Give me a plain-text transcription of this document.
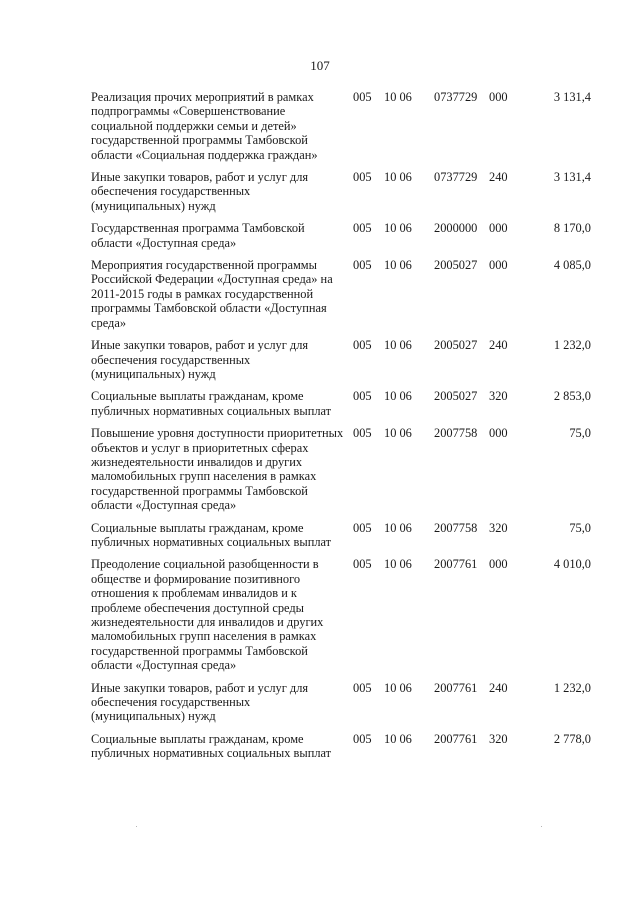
107
Реализация прочих мероприятий в рамках подпрограммы «Совершенствование социальной поддержки семьи и детей» государственной программы Тамбовской области «Социальная поддержка граждан»
005 10 06 0737729 000	3 131,4
Иные закупки товаров, работ и услуг для обеспечения государственных (муниципальных) нужд
005 10 06 0737729 240	3 131,4
Государственная программа Тамбовской области «Доступная среда»
005 10 06 2000000 000	8 170,0
Мероприятия государственной программы Российской Федерации «Доступная среда» на 2011-2015 годы в рамках государственной программы Тамбовской области «Доступная среда»
005 10 06 2005027 000	4 085,0
Иные закупки товаров, работ и услуг для обеспечения государственных (муниципальных) нужд
005 10 06 2005027 240	1 232,0
Социальные выплаты гражданам, кроме публичных нормативных социальных выплат
005 10 06 2005027 320	2 853,0
Повышение уровня доступности приоритетных объектов и услуг в приоритетных сферах жизнедеятельности инвалидов и других маломобильных групп населения в рамках государственной программы Тамбовской области «Доступная среда»
005 10 06 2007758 000	75,0
Социальные выплаты гражданам, кроме публичных нормативных социальных выплат
005 10 06 2007758 320	75,0
Преодоление социальной разобщенности в обществе и формирование позитивного отношения к проблемам инвалидов и к проблеме обеспечения доступной среды жизнедеятельности для инвалидов и других маломобильных групп населения в рамках государственной программы Тамбовской области «Доступная среда»
005 10 06 2007761 000	4 010,0
Иные закупки товаров, работ и услуг для обеспечения государственных (муниципальных) нужд
005 10 06 2007761 240	1 232,0
Социальные выплаты гражданам, кроме публичных нормативных социальных выплат
005 10 06 2007761 320	2 778,0
